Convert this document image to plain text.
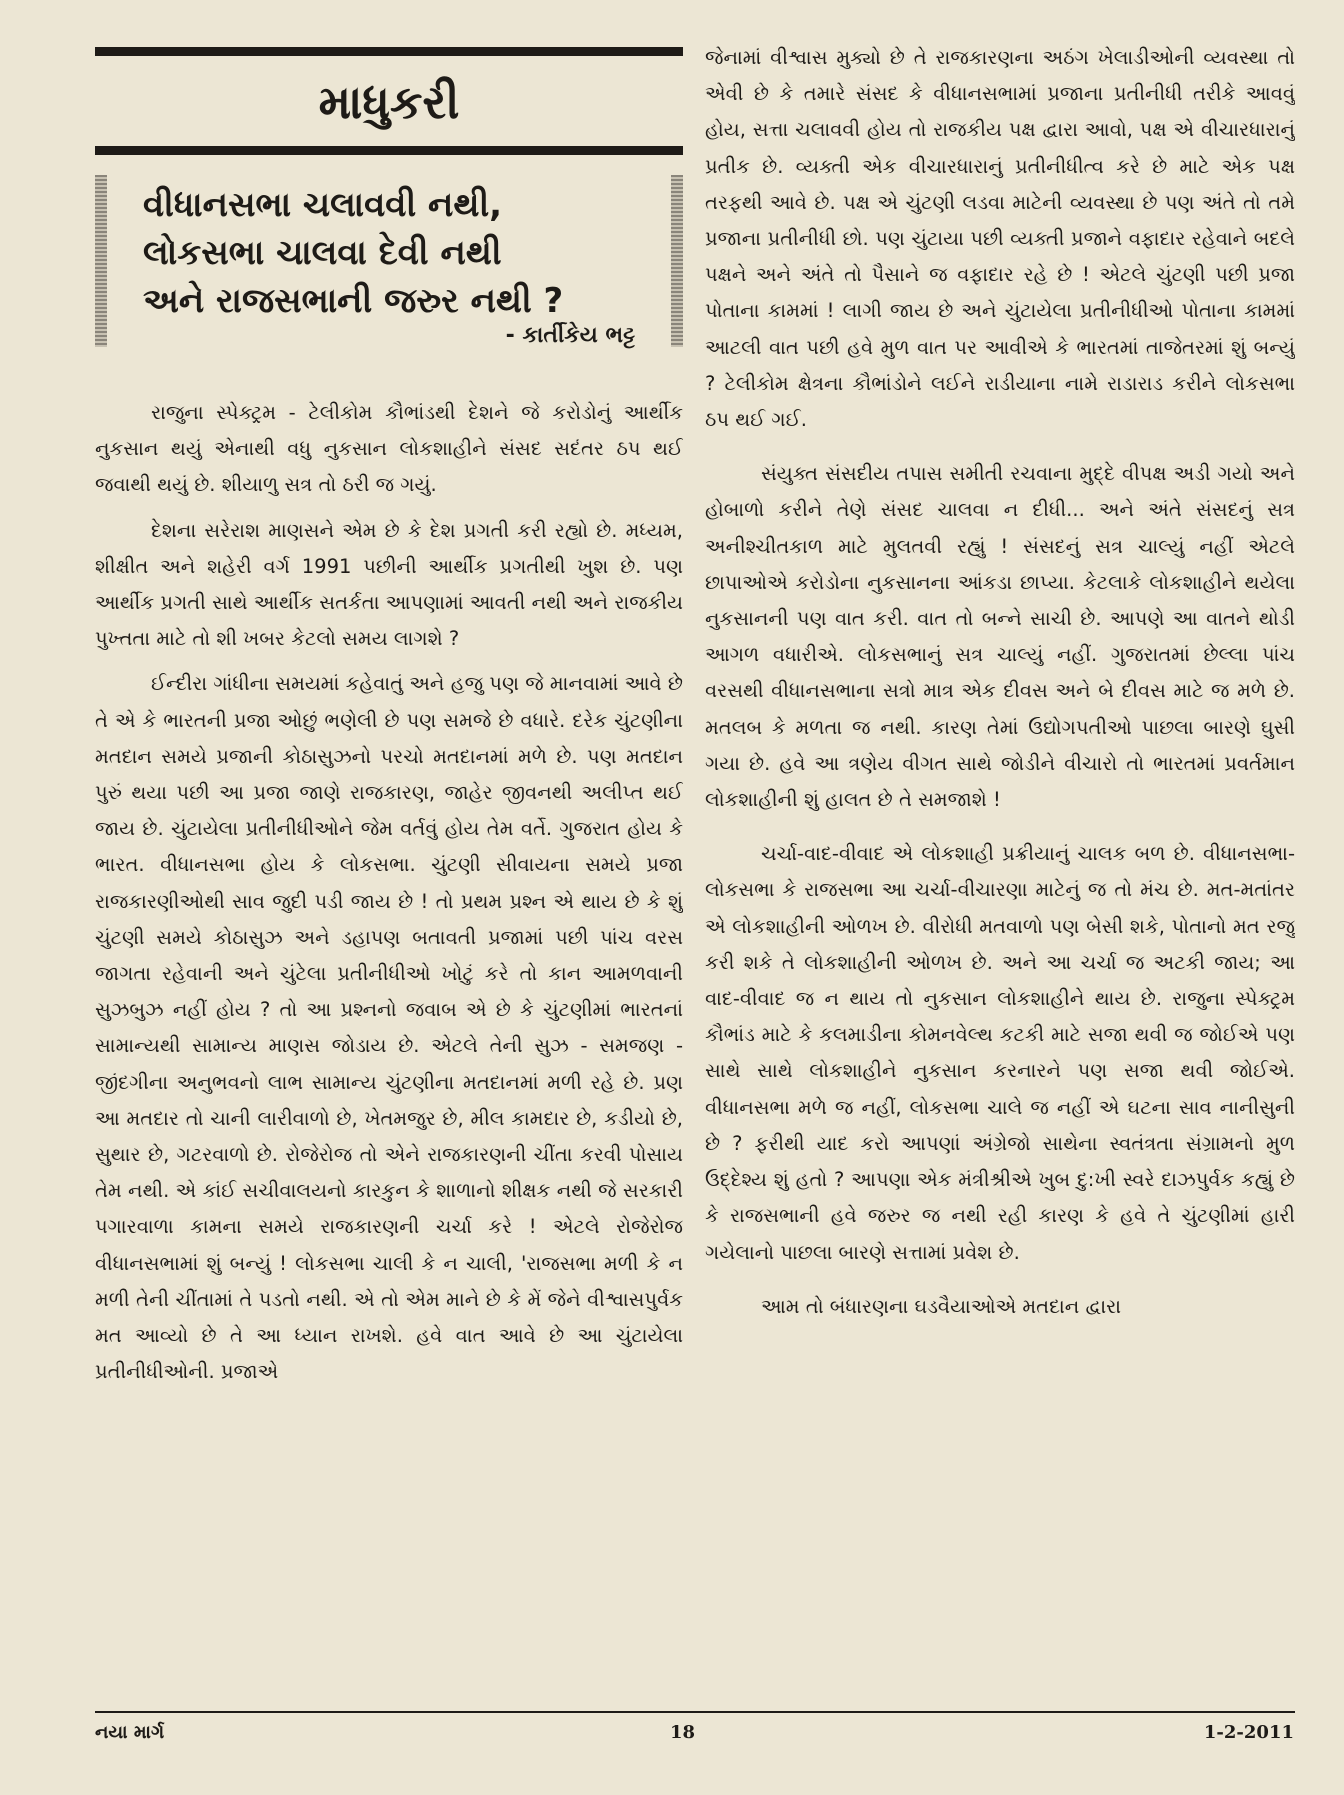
માધુકરી
વીધાનસભા ચલાવવી નથી,
લોકસભા ચાલવા દેવી નથી
અને રાજસભાની જરુર નથી ?
- કાર્તીકેય ભટ્ટ

રાજુના સ્પેક્ટ્રમ - ટેલીકોમ કૌભાંડથી દેશને જે કરોડોનું આર્થીક નુકસાન થયું એનાથી વધુ નુકસાન લોકશાહીને સંસદ સદંતર ઠપ થઈ જવાથી થયું છે. શીયાળુ સત્ર તો ઠરી જ ગયું.

દેશના સરેરાશ માણસને એમ છે કે દેશ પ્રગતી કરી રહ્યો છે. મધ્યમ, શીક્ષીત અને શહેરી વર્ગ 1991 પછીની આર્થીક પ્રગતીથી ખુશ છે. પણ આર્થીક પ્રગતી સાથે આર્થીક સતર્કતા આપણામાં આવતી નથી અને રાજકીય પુખ્તતા માટે તો શી ખબર કેટલો સમય લાગશે ?

ઈન્દીરા ગાંધીના સમયમાં કહેવાતું અને હજુ પણ જે માનવામાં આવે છે તે એ કે ભારતની પ્રજા ઓછું ભણેલી છે પણ સમજે છે વધારે. દરેક ચુંટણીના મતદાન સમયે પ્રજાની કોઠાસુઝનો પરચો મતદાનમાં મળે છે. પણ મતદાન પુરું થયા પછી આ પ્રજા જાણે રાજકારણ, જાહેર જીવનથી અલીપ્ત થઈ જાય છે. ચુંટાયેલા પ્રતીનીધીઓને જેમ વર્તવું હોય તેમ વર્તે. ગુજરાત હોય કે ભારત. વીધાનસભા હોય કે લોકસભા. ચુંટણી સીવાયના સમયે પ્રજા રાજકારણીઓથી સાવ જુદી પડી જાય છે ! તો પ્રથમ પ્રશ્ન એ થાય છે કે શું ચુંટણી સમયે કોઠાસુઝ અને ડહાપણ બતાવતી પ્રજામાં પછી પાંચ વરસ જાગતા રહેવાની અને ચુંટેલા પ્રતીનીધીઓ ખોટું કરે તો કાન આમળવાની સુઝબુઝ નહીં હોય ? તો આ પ્રશ્નનો જવાબ એ છે કે ચુંટણીમાં ભારતનાં સામાન્યથી સામાન્ય માણસ જોડાય છે. એટલે તેની સુઝ - સમજણ - જીંદગીના અનુભવનો લાભ સામાન્ય ચુંટણીના મતદાનમાં મળી રહે છે. પ્રણ આ મતદાર તો ચાની લારીવાળો છે, ખેતમજુર છે, મીલ કામદાર છે, કડીયો છે, સુથાર છે, ગટરવાળો છે. રોજેરોજ તો એને રાજકારણની ચીંતા કરવી પોસાય તેમ નથી. એ કાંઈ સચીવાલયનો કારકુન કે શાળાનો શીક્ષક નથી જે સરકારી પગારવાળા કામના સમયે રાજકારણની ચર્ચા કરે ! એટલે રોજેરોજ વીધાનસભામાં શું બન્યું ! લોકસભા ચાલી કે ન ચાલી, 'રાજસભા મળી કે ન મળી તેની ચીંતામાં તે પડતો નથી. એ તો એમ માને છે કે મેં જેને વીશ્વાસપુર્વક મત આવ્યો છે તે આ ધ્યાન રાખશે. હવે વાત આવે છે આ ચુંટાયેલા પ્રતીનીધીઓની. પ્રજાએ

જેનામાં વીશ્વાસ મુક્યો છે તે રાજકારણના અઠંગ ખેલાડીઓની વ્યવસ્થા તો એવી છે કે તમારે સંસદ કે વીધાનસભામાં પ્રજાના પ્રતીનીધી તરીકે આવવું હોય, સત્તા ચલાવવી હોય તો રાજકીય પક્ષ દ્વારા આવો, પક્ષ એ વીચારધારાનું પ્રતીક છે. વ્યક્તી એક વીચારધારાનું પ્રતીનીધીત્વ કરે છે માટે એક પક્ષ તરફથી આવે છે. પક્ષ એ ચુંટણી લડવા માટેની વ્યવસ્થા છે પણ અંતે તો તમે પ્રજાના પ્રતીનીધી છો. પણ ચુંટાયા પછી વ્યક્તી પ્રજાને વફાદાર રહેવાને બદલે પક્ષને અને અંતે તો પૈસાને જ વફાદાર રહે છે ! એટલે ચુંટણી પછી પ્રજા પોતાના કામમાં ! લાગી જાય છે અને ચુંટાયેલા પ્રતીનીધીઓ પોતાના કામમાં આટલી વાત પછી હવે મુળ વાત પર આવીએ કે ભારતમાં તાજેતરમાં શું બન્યું ? ટેલીકોમ ક્ષેત્રના કૌભાંડોને લઈને રાડીયાના નામે રાડારાડ કરીને લોકસભા ઠપ થઈ ગઈ.

સંયુક્ત સંસદીય તપાસ સમીતી રચવાના મુદ્દે વીપક્ષ અડી ગયો અને હોબાળો કરીને તેણે સંસદ ચાલવા ન દીધી... અને અંતે સંસદનું સત્ર અનીશ્ચીતકાળ માટે મુલતવી રહ્યું ! સંસદનું સત્ર ચાલ્યું નહીં એટલે છાપાઓએ કરોડોના નુકસાનના આંકડા છાપ્યા. કેટલાકે લોકશાહીને થયેલા નુકસાનની પણ વાત કરી. વાત તો બન્ને સાચી છે. આપણે આ વાતને થોડી આગળ વધારીએ. લોકસભાનું સત્ર ચાલ્યું નહીં. ગુજરાતમાં છેલ્લા પાંચ વરસથી વીધાનસભાના સત્રો માત્ર એક દીવસ અને બે દીવસ માટે જ મળે છે. મતલબ કે મળતા જ નથી. કારણ તેમાં ઉદ્યોગપતીઓ પાછલા બારણે ઘુસી ગયા છે. હવે આ ત્રણેય વીગત સાથે જોડીને વીચારો તો ભારતમાં પ્રવર્તમાન લોકશાહીની શું હાલત છે તે સમજાશે !

ચર્ચા-વાદ-વીવાદ એ લોકશાહી પ્રક્રીયાનું ચાલક બળ છે. વીધાનસભા-લોકસભા કે રાજસભા આ ચર્ચા-વીચારણા માટેનું જ તો મંચ છે. મત-મતાંતર એ લોકશાહીની ઓળખ છે. વીરોધી મતવાળો પણ બેસી શકે, પોતાનો મત રજુ કરી શકે તે લોકશાહીની ઓળખ છે. અને આ ચર્ચા જ અટકી જાય; આ વાદ-વીવાદ જ ન થાય તો નુકસાન લોકશાહીને થાય છે. રાજુના સ્પેક્ટ્રમ કૌભાંડ માટે કે કલમાડીના કોમનવેલ્થ કટકી માટે સજા થવી જ જોઈએ પણ સાથે સાથે લોકશાહીને નુકસાન કરનારને પણ સજા થવી જોઈએ. વીધાનસભા મળે જ નહીં, લોકસભા ચાલે જ નહીં એ ઘટના સાવ નાનીસુની છે ? ફરીથી યાદ કરો આપણાં અંગ્રેજો સાથેના સ્વતંત્રતા સંગ્રામનો મુળ ઉદ્દેશ્ય શું હતો ? આપણા એક મંત્રીશ્રીએ ખુબ દુ:ખી સ્વરે દાઝપુર્વક કહ્યું છે કે રાજસભાની હવે જરુર જ નથી રહી કારણ કે હવે તે ચુંટણીમાં હારી ગયેલાનો પાછલા બારણે સત્તામાં પ્રવેશ છે.

આમ તો બંધારણના ઘડવૈયાઓએ મતદાન દ્વારા

નયા માર્ગ	18	1-2-2011
